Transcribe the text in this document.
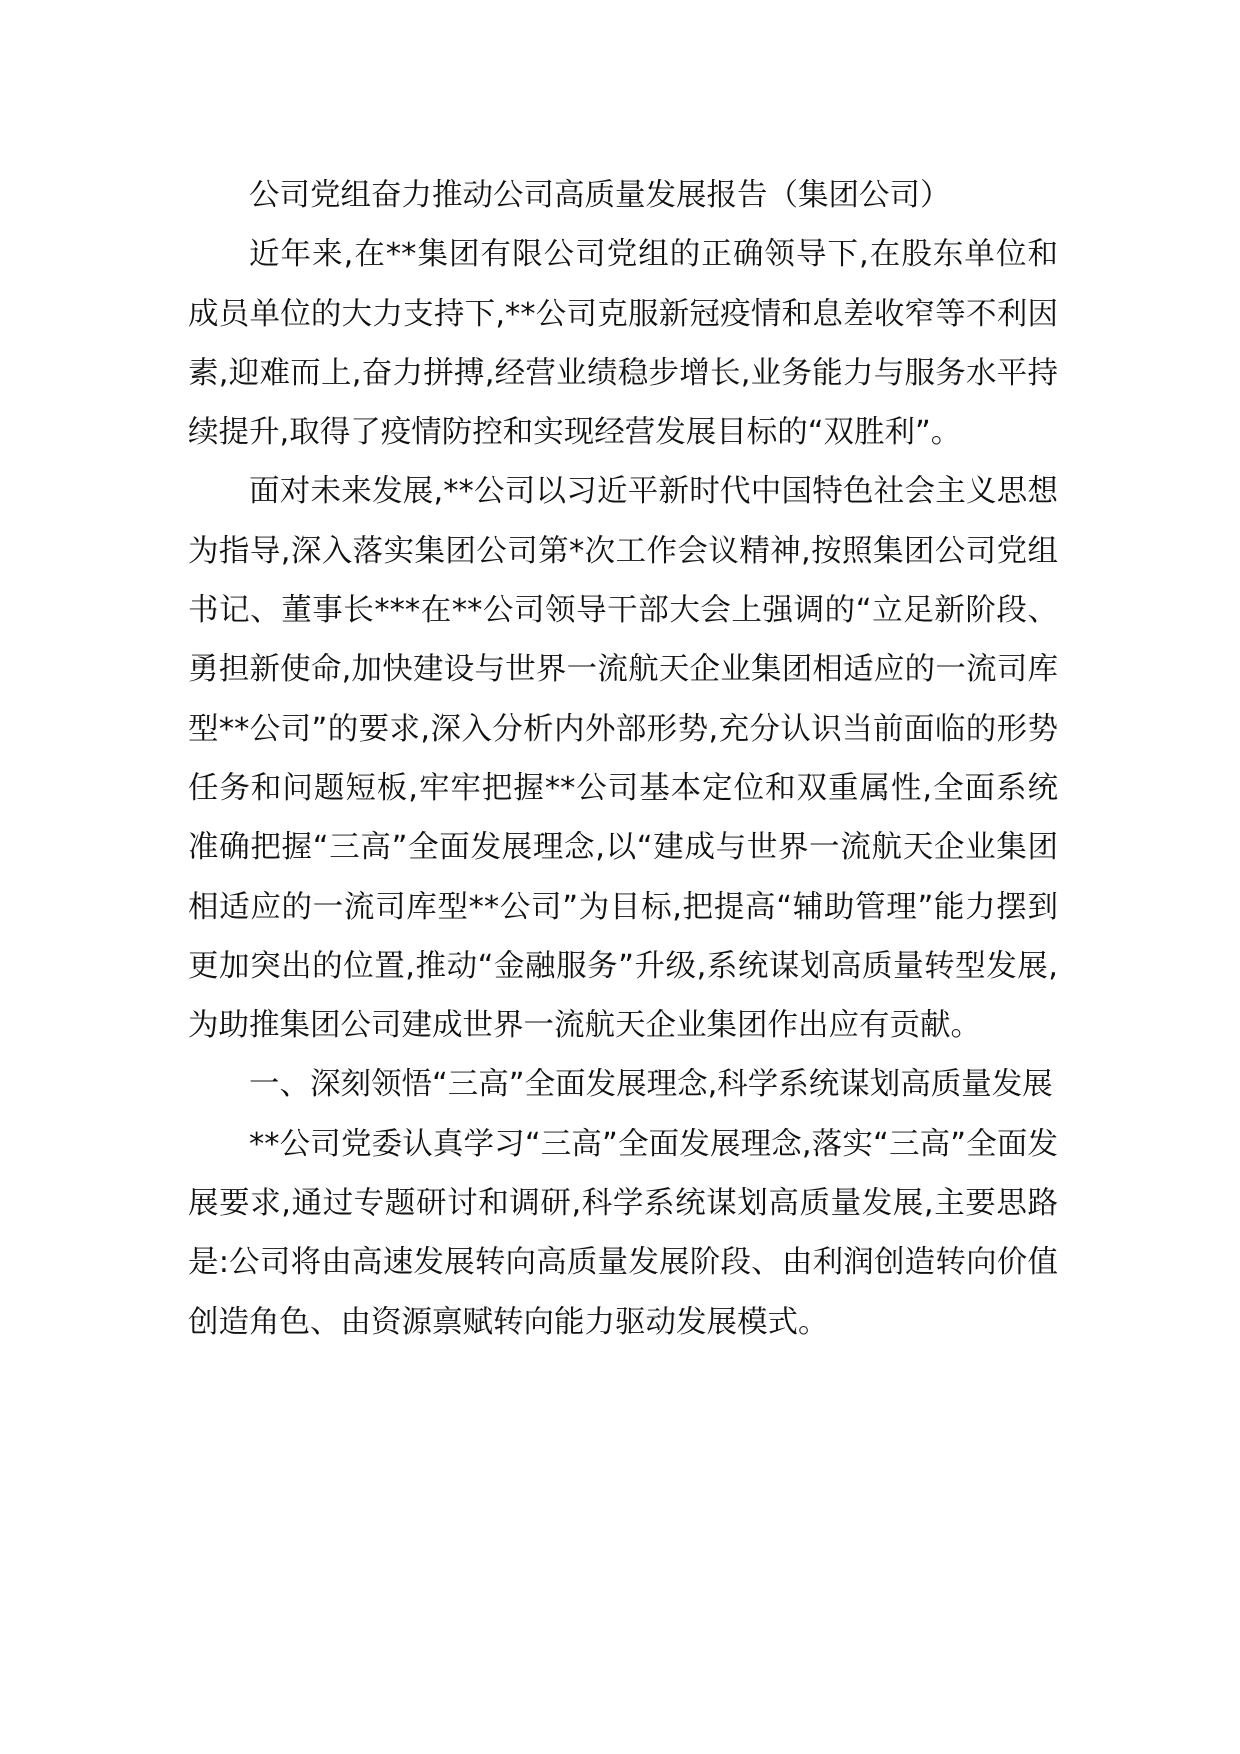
公司党组奋力推动公司高质量发展报告（集团公司）

近年来,在**集团有限公司党组的正确领导下,在股东单位和成员单位的大力支持下,**公司克服新冠疫情和息差收窄等不利因素,迎难而上,奋力拼搏,经营业绩稳步增长,业务能力与服务水平持续提升,取得了疫情防控和实现经营发展目标的“双胜利”。

面对未来发展,**公司以习近平新时代中国特色社会主义思想为指导,深入落实集团公司第*次工作会议精神,按照集团公司党组书记、董事长***在**公司领导干部大会上强调的“立足新阶段、勇担新使命,加快建设与世界一流航天企业集团相适应的一流司库型**公司”的要求,深入分析内外部形势,充分认识当前面临的形势任务和问题短板,牢牢把握**公司基本定位和双重属性,全面系统准确把握“三高”全面发展理念,以“建成与世界一流航天企业集团相适应的一流司库型**公司”为目标,把提高“辅助管理”能力摆到更加突出的位置,推动“金融服务”升级,系统谋划高质量转型发展,为助推集团公司建成世界一流航天企业集团作出应有贡献。

一、深刻领悟“三高”全面发展理念,科学系统谋划高质量发展

**公司党委认真学习“三高”全面发展理念,落实“三高”全面发展要求,通过专题研讨和调研,科学系统谋划高质量发展,主要思路是:公司将由高速发展转向高质量发展阶段、由利润创造转向价值创造角色、由资源禀赋转向能力驱动发展模式。
